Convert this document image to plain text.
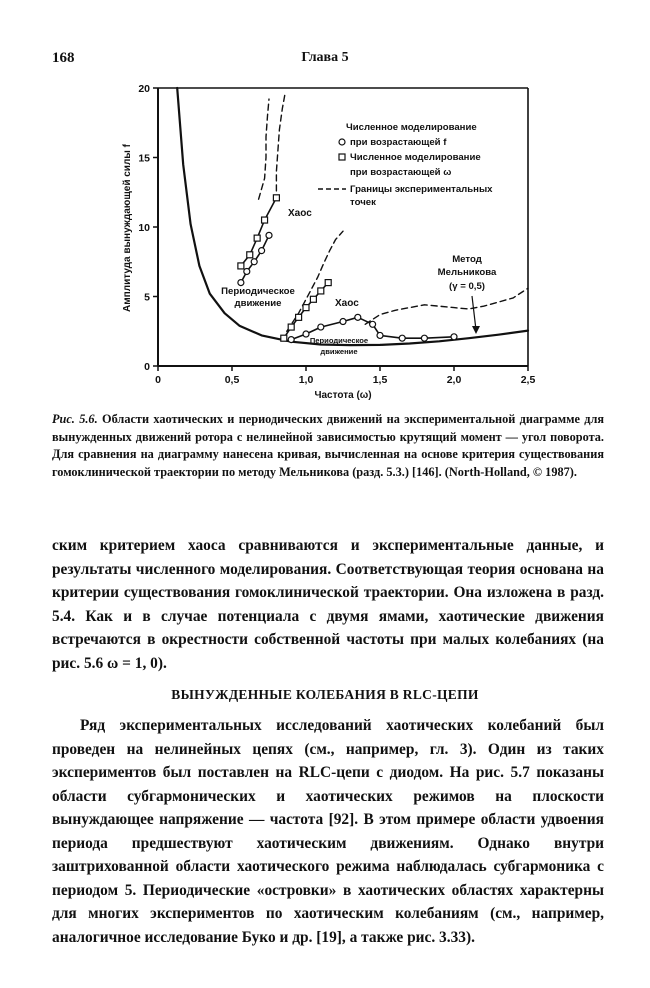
168	Глава 5
0	0,5	1,0	1,5	2,0	2,5
0
5
10
15
20
Частота (ω)
Амплитуда вынуждающей силы f
Численное моделирование
при возрастающей f
Численное моделирование
при возрастающей ω
Границы экспериментальных
точек
Хаос
Периодическое
движение	Хаос
Периодическое
движение
Метод
Мельникова
(γ = 0,5)
Рис. 5.6. Области хаотических и периодических движений на экспериментальной диаграмме для вынужденных движений ротора с нелинейной зависимостью крутящий момент — угол поворота. Для сравнения на диаграмму нанесена кривая, вычисленная на основе критерия существования гомоклинической траектории по методу Мельникова (разд. 5.3.) [146]. (North-Holland, © 1987).

ским критерием хаоса сравниваются и экспериментальные данные, и результаты численного моделирования. Соответствующая теория основана на критерии существования гомоклинической траектории. Она изложена в разд. 5.4. Как и в случае потенциала с двумя ямами, хаотические движения встречаются в окрестности собственной частоты при малых колебаниях (на рис. 5.6 ω = 1, 0).

ВЫНУЖДЕННЫЕ КОЛЕБАНИЯ В RLC-ЦЕПИ

Ряд экспериментальных исследований хаотических колебаний был проведен на нелинейных цепях (см., например, гл. 3). Один из таких экспериментов был поставлен на RLC-цепи с диодом. На рис. 5.7 показаны области субгармонических и хаотических режимов на плоскости вынуждающее напряжение — частота [92]. В этом примере области удвоения периода предшествуют хаотическим движениям. Однако внутри заштрихованной области хаотического режима наблюдалась субгармоника с периодом 5. Периодические «островки» в хаотических областях характерны для многих экспериментов по хаотическим колебаниям (см., например, аналогичное исследование Буко и др. [19], а также рис. 3.33).
